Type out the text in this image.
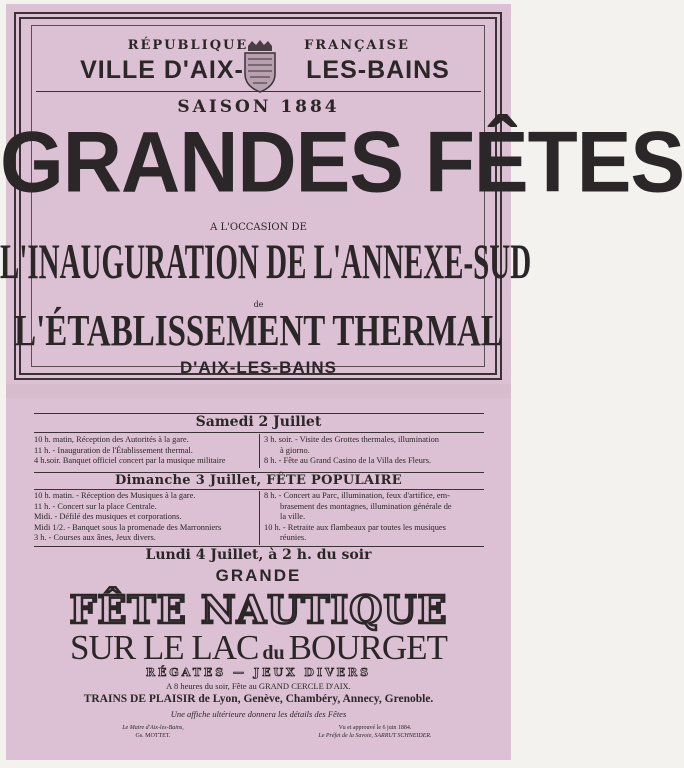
RÉPUBLIQUE	FRANÇAISE
VILLE D'AIX-	LES-BAINS
SAISON 1884
GRANDES FÊTES
A L'OCCASION DE
L'INAUGURATION DE L'ANNEXE-SUD
de
L'ÉTABLISSEMENT THERMAL
D'AIX-LES-BAINS
Samedi 2 Juillet
10 h. matin, Réception des Autorités à la gare.
11 h. - Inauguration de l'Établissement thermal.
4 h.soir. Banquet officiel concert par la musique militaire
3 h. soir. - Visite des Grottes thermales, illumination
à giorno.
8 h. - Fête au Grand Casino de la Villa des Fleurs.
Dimanche 3 Juillet, FÊTE POPULAIRE
10 h. matin. - Réception des Musiques à la gare.
11 h. - Concert sur la place Centrale.
Midi. - Défilé des musiques et corporations.
Midi 1/2. - Banquet sous la promenade des Marronniers
3 h. - Courses aux ânes, Jeux divers.
8 h. - Concert au Parc, illumination, feux d'artifice, em-
brasement des montagnes, illumination générale de
la ville.
10 h. - Retraite aux flambeaux par toutes les musiques
réunies.
Lundi 4 Juillet, à 2 h. du soir
GRANDE
FÊTE NAUTIQUE
SUR LE LAC du BOURGET
RÉGATES — JEUX DIVERS
A 8 heures du soir, Fête au GRAND CERCLE D'AIX.
TRAINS DE PLAISIR de Lyon, Genève, Chambéry, Annecy, Grenoble.
Une affiche ultérieure donnera les détails des Fêtes
Le Maire d'Aix-les-Bains,
Gs. MOTTET.
Vu et approuvé le 6 juin 1884.
Le Préfet de la Savoie, SARRUT SCHNEIDER.
